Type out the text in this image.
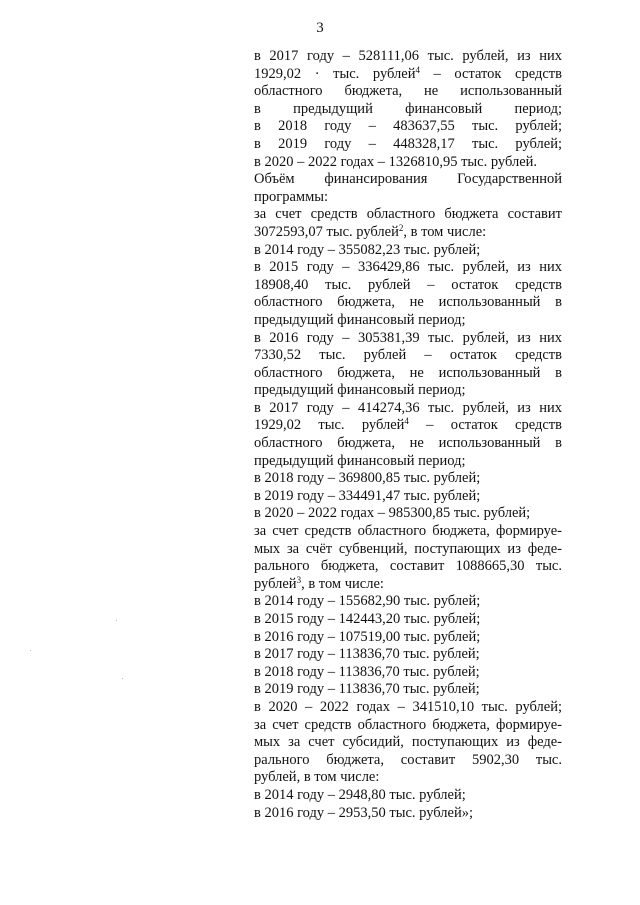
3
в 2017 году – 528111,06 тыс. рублей, из них
1929,02 · тыс. рублей$^4$ – остаток средств
областного бюджета, не использованный
в предыдущий финансовый период;
в 2018 году – 483637,55 тыс. рублей;
в 2019 году – 448328,17 тыс. рублей;
в 2020 – 2022 годах – 1326810,95 тыс. рублей.
Объём финансирования Государственной
программы:
за счет средств областного бюджета составит
3072593,07 тыс. рублей$^2$, в том числе:
в 2014 году – 355082,23 тыс. рублей;
в 2015 году – 336429,86 тыс. рублей, из них
18908,40 тыс. рублей – остаток средств
областного бюджета, не использованный в
предыдущий финансовый период;
в 2016 году – 305381,39 тыс. рублей, из них
7330,52 тыс. рублей – остаток средств
областного бюджета, не использованный в
предыдущий финансовый период;
в 2017 году – 414274,36 тыс. рублей, из них
1929,02 тыс. рублей$^4$ – остаток средств
областного бюджета, не использованный в
предыдущий финансовый период;
в 2018 году – 369800,85 тыс. рублей;
в 2019 году – 334491,47 тыс. рублей;
в 2020 – 2022 годах – 985300,85 тыс. рублей;
за счет средств областного бюджета, формируе-
мых за счёт субвенций, поступающих из феде-
рального бюджета, составит 1088665,30 тыс.
рублей$^3$, в том числе:
в 2014 году – 155682,90 тыс. рублей;
в 2015 году – 142443,20 тыс. рублей;
в 2016 году – 107519,00 тыс. рублей;
в 2017 году – 113836,70 тыс. рублей;
в 2018 году – 113836,70 тыс. рублей;
в 2019 году – 113836,70 тыс. рублей;
в 2020 – 2022 годах – 341510,10 тыс. рублей;
за счет средств областного бюджета, формируе-
мых за счет субсидий, поступающих из феде-
рального бюджета, составит 5902,30 тыс.
рублей, в том числе:
в 2014 году – 2948,80 тыс. рублей;
в 2016 году – 2953,50 тыс. рублей»;
